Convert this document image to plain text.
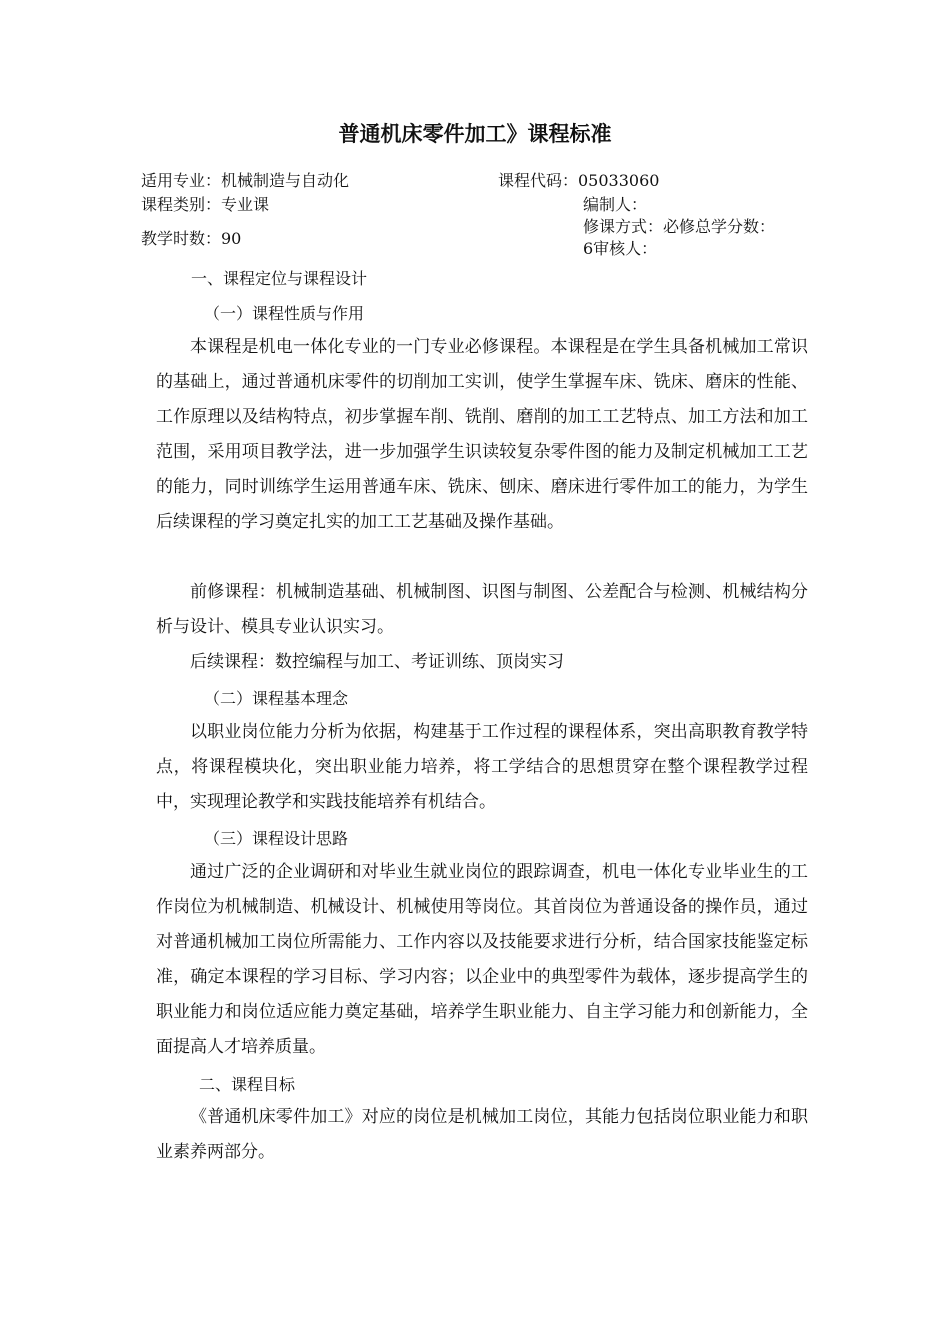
普通机床零件加工》课程标准
适用专业：机械制造与自动化	课程代码：05033060
课程类别：专业课	编制人：
修课方式：必修总学分数：
教学时数：90
6审核人：
一、课程定位与课程设计
（一）课程性质与作用
本课程是机电一体化专业的一门专业必修课程。本课程是在学生具备机械加工常识的基础上，通过普通机床零件的切削加工实训，使学生掌握车床、铣床、磨床的性能、工作原理以及结构特点，初步掌握车削、铣削、磨削的加工工艺特点、加工方法和加工范围，采用项目教学法，进一步加强学生识读较复杂零件图的能力及制定机械加工工艺的能力，同时训练学生运用普通车床、铣床、刨床、磨床进行零件加工的能力，为学生后续课程的学习奠定扎实的加工工艺基础及操作基础。
前修课程：机械制造基础、机械制图、识图与制图、公差配合与检测、机械结构分析与设计、模具专业认识实习。
后续课程：数控编程与加工、考证训练、顶岗实习
（二）课程基本理念
以职业岗位能力分析为依据，构建基于工作过程的课程体系，突出高职教育教学特点，将课程模块化，突出职业能力培养，将工学结合的思想贯穿在整个课程教学过程中，实现理论教学和实践技能培养有机结合。
（三）课程设计思路
通过广泛的企业调研和对毕业生就业岗位的跟踪调查，机电一体化专业毕业生的工作岗位为机械制造、机械设计、机械使用等岗位。其首岗位为普通设备的操作员，通过对普通机械加工岗位所需能力、工作内容以及技能要求进行分析，结合国家技能鉴定标准，确定本课程的学习目标、学习内容；以企业中的典型零件为载体，逐步提高学生的职业能力和岗位适应能力奠定基础，培养学生职业能力、自主学习能力和创新能力，全面提高人才培养质量。
二、课程目标
《普通机床零件加工》对应的岗位是机械加工岗位，其能力包括岗位职业能力和职业素养两部分。
